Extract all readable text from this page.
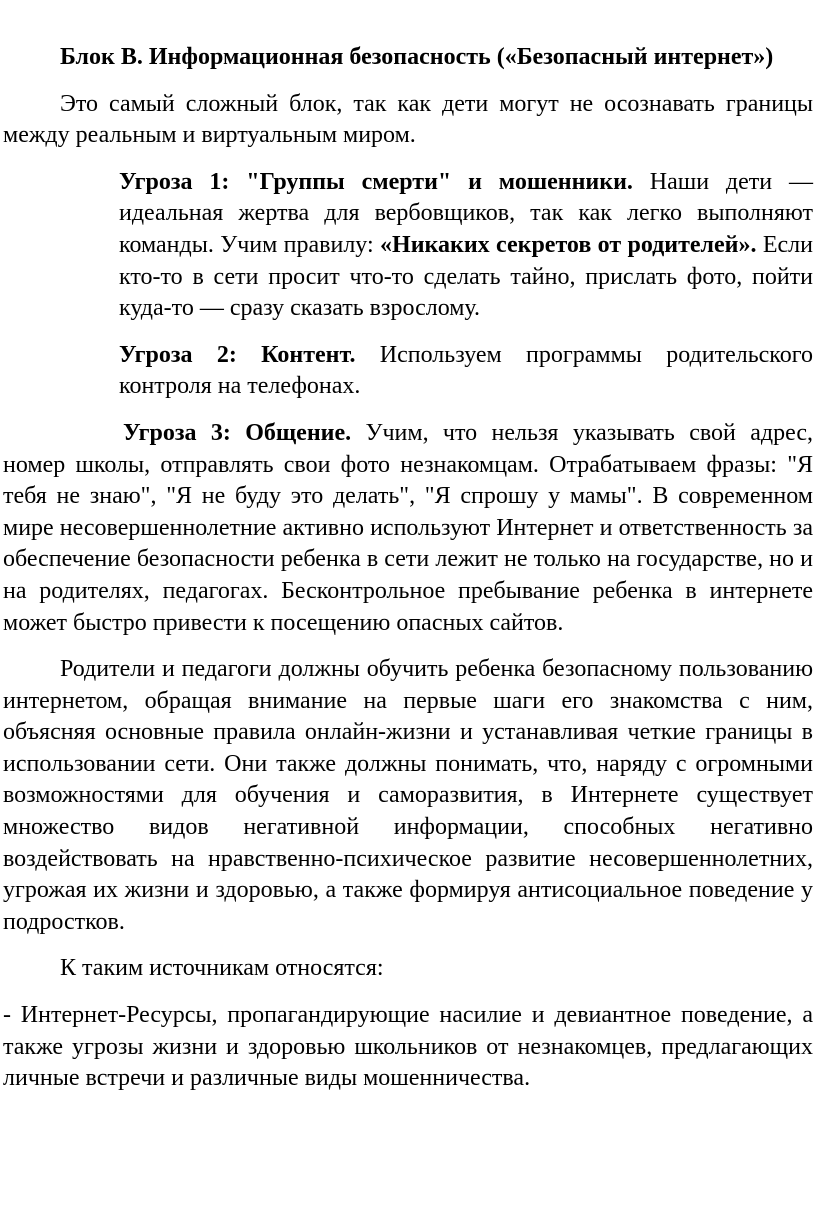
Блок В. Информационная безопасность («Безопасный интернет»)

Это самый сложный блок, так как дети могут не осознавать границы между реальным и виртуальным миром.

Угроза 1: "Группы смерти" и мошенники. Наши дети — идеальная жертва для вербовщиков, так как легко выполняют команды. Учим правилу: «Никаких секретов от родителей». Если кто-то в сети просит что-то сделать тайно, прислать фото, пойти куда-то — сразу сказать взрослому.

Угроза 2: Контент. Используем программы родительского контроля на телефонах.

Угроза 3: Общение. Учим, что нельзя указывать свой адрес, номер школы, отправлять свои фото незнакомцам. Отрабатываем фразы: "Я тебя не знаю", "Я не буду это делать", "Я спрошу у мамы". В современном мире несовершеннолетние активно используют Интернет и ответственность за обеспечение безопасности ребенка в сети лежит не только на государстве, но и на родителях, педагогах. Бесконтрольное пребывание ребенка в интернете может быстро привести к посещению опасных сайтов.

Родители и педагоги должны обучить ребенка безопасному пользованию интернетом, обращая внимание на первые шаги его знакомства с ним, объясняя основные правила онлайн-жизни и устанавливая четкие границы в использовании сети. Они также должны понимать, что, наряду с огромными возможностями для обучения и саморазвития, в Интернете существует множество видов негативной информации, способных негативно воздействовать на нравственно-психическое развитие несовершеннолетних, угрожая их жизни и здоровью, а также формируя антисоциальное поведение у подростков.

К таким источникам относятся:

- Интернет-Ресурсы, пропагандирующие насилие и девиантное поведение, а также угрозы жизни и здоровью школьников от незнакомцев, предлагающих личные встречи и различные виды мошенничества.
